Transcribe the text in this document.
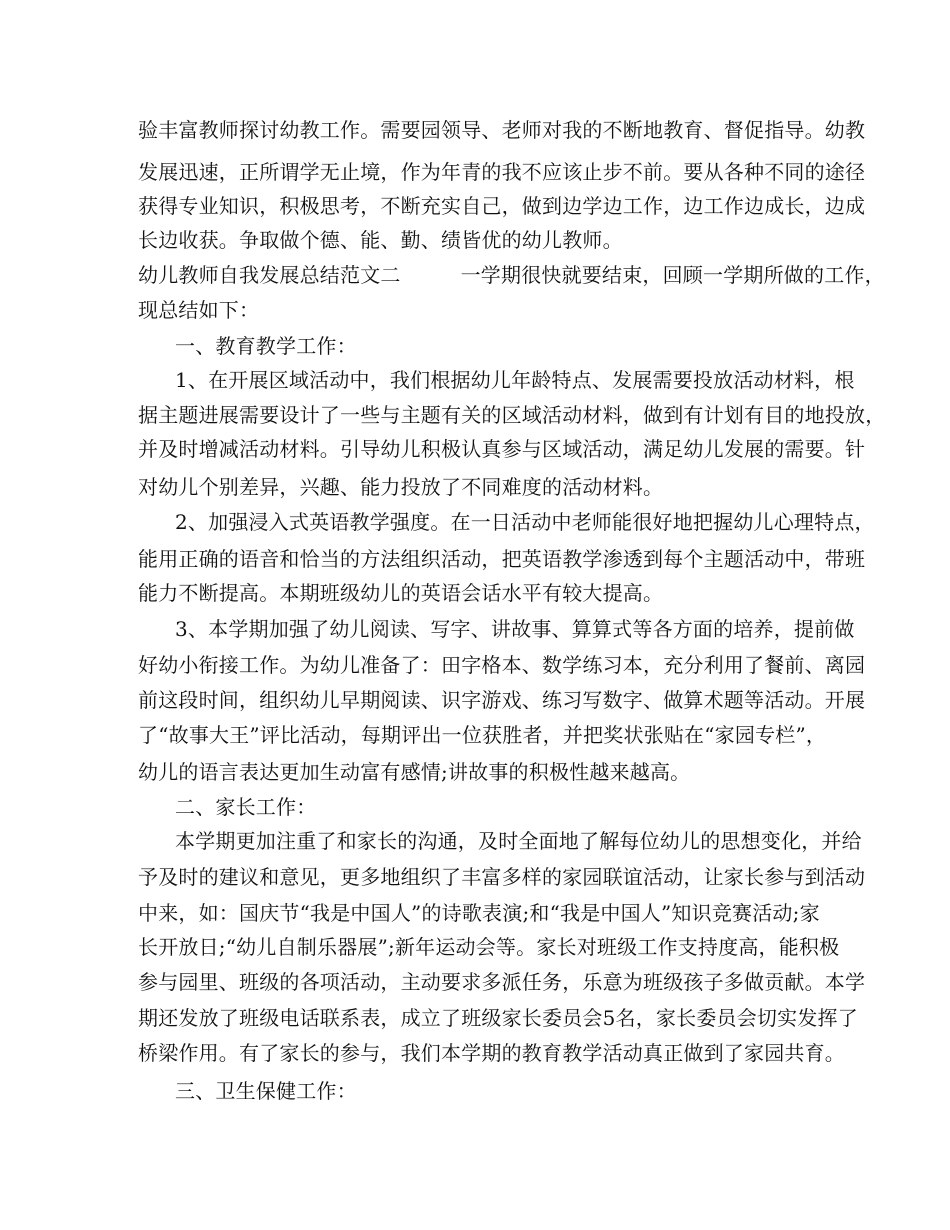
验丰富教师探讨幼教工作。需要园领导、老师对我的不断地教育、督促指导。幼教
发展迅速，正所谓学无止境，作为年青的我不应该止步不前。要从各种不同的途径
获得专业知识，积极思考，不断充实自己，做到边学边工作，边工作边成长，边成
长边收获。争取做个德、能、勤、绩皆优的幼儿教师。
幼儿教师自我发展总结范文二	一学期很快就要结束，回顾一学期所做的工作，
现总结如下：
一、教育教学工作：
1、在开展区域活动中，我们根据幼儿年龄特点、发展需要投放活动材料，根
据主题进展需要设计了一些与主题有关的区域活动材料，做到有计划有目的地投放，
并及时增减活动材料。引导幼儿积极认真参与区域活动，满足幼儿发展的需要。针
对幼儿个别差异，兴趣、能力投放了不同难度的活动材料。
2、加强浸入式英语教学强度。在一日活动中老师能很好地把握幼儿心理特点，
能用正确的语音和恰当的方法组织活动，把英语教学渗透到每个主题活动中，带班
能力不断提高。本期班级幼儿的英语会话水平有较大提高。
3、本学期加强了幼儿阅读、写字、讲故事、算算式等各方面的培养，提前做
好幼小衔接工作。为幼儿准备了：田字格本、数学练习本，充分利用了餐前、离园
前这段时间，组织幼儿早期阅读、识字游戏、练习写数字、做算术题等活动。开展
了“故事大王”评比活动，每期评出一位获胜者，并把奖状张贴在“家园专栏”，
幼儿的语言表达更加生动富有感情;讲故事的积极性越来越高。
二、家长工作：
本学期更加注重了和家长的沟通，及时全面地了解每位幼儿的思想变化，并给
予及时的建议和意见，更多地组织了丰富多样的家园联谊活动，让家长参与到活动
中来，如：国庆节“我是中国人”的诗歌表演;和“我是中国人”知识竞赛活动;家
长开放日;“幼儿自制乐器展”;新年运动会等。家长对班级工作支持度高，能积极
参与园里、班级的各项活动，主动要求多派任务，乐意为班级孩子多做贡献。本学
期还发放了班级电话联系表，成立了班级家长委员会5名，家长委员会切实发挥了
桥梁作用。有了家长的参与，我们本学期的教育教学活动真正做到了家园共育。
三、卫生保健工作：
